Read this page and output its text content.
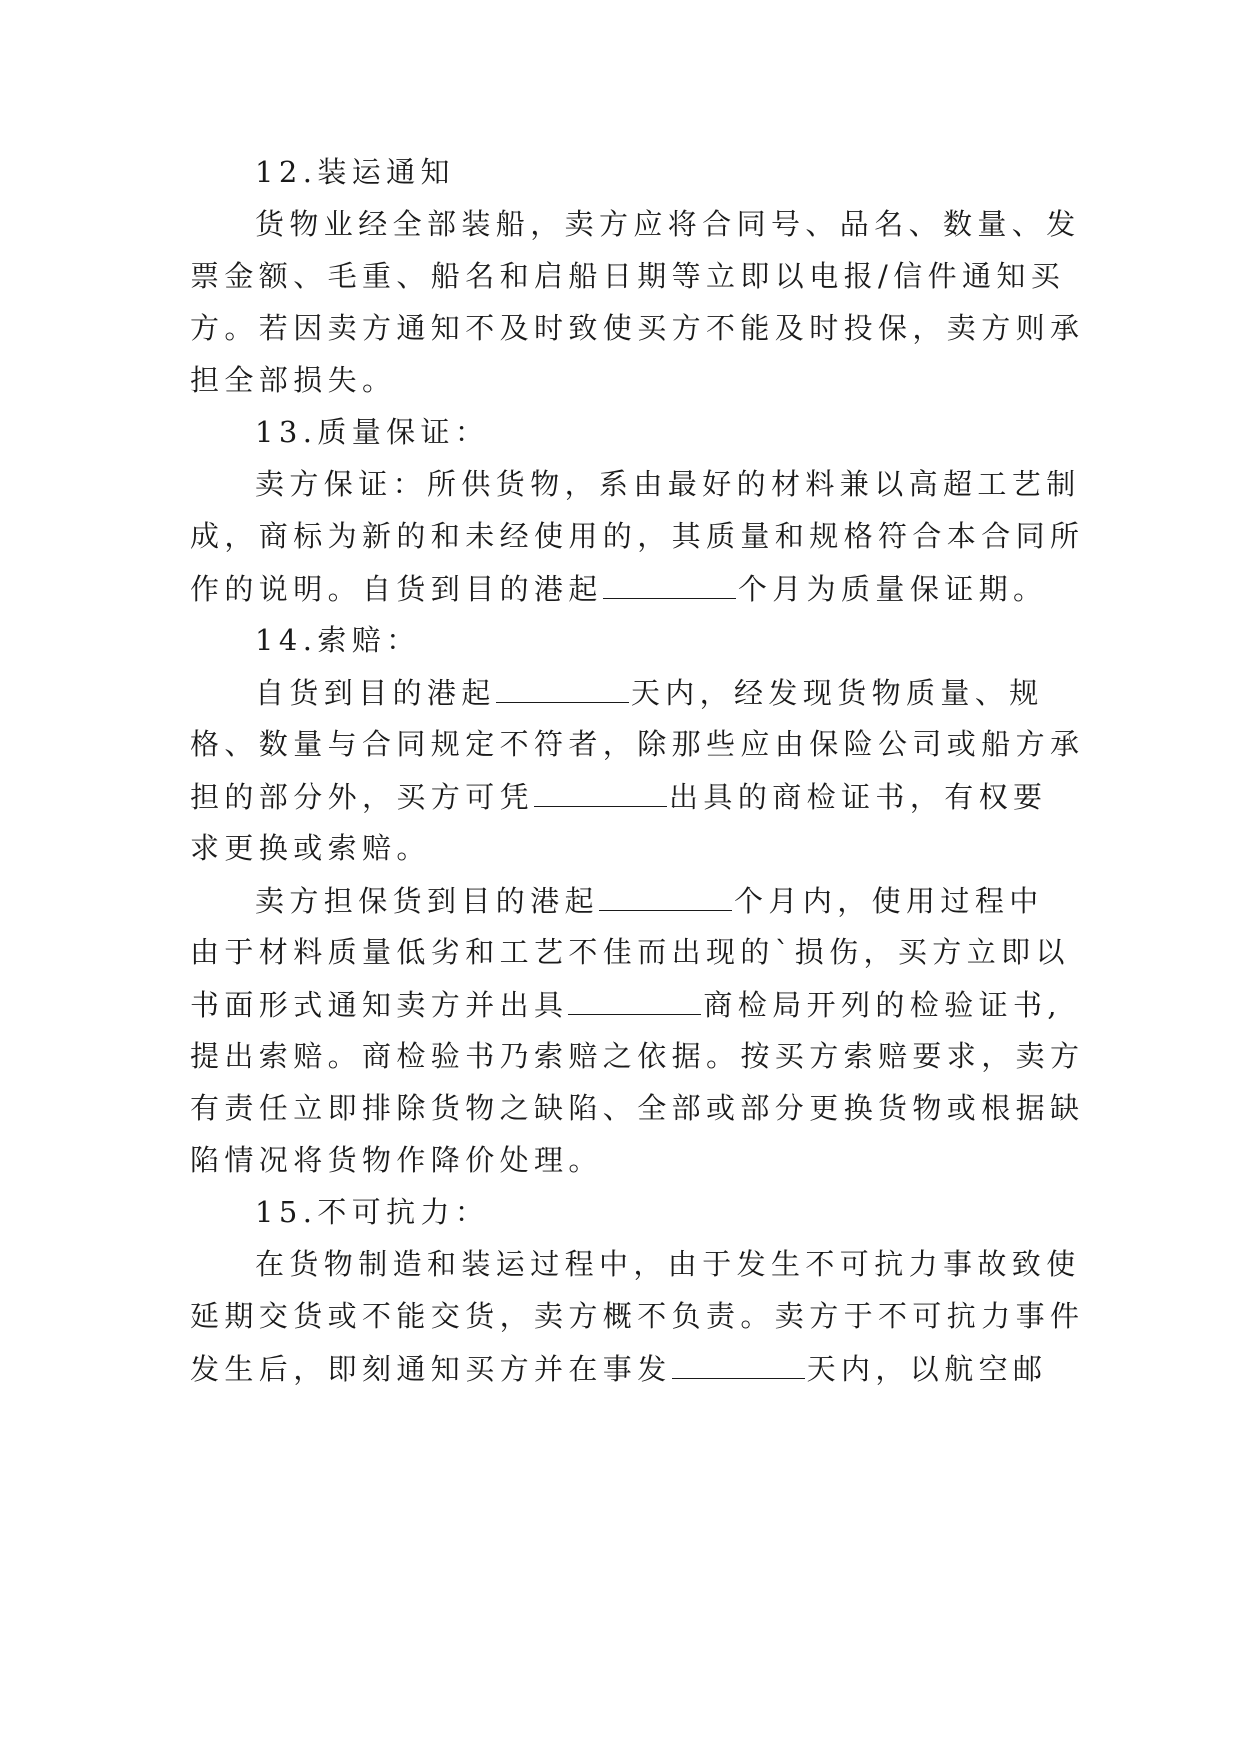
12.装运通知
货物业经全部装船，卖方应将合同号、品名、数量、发
票金额、毛重、船名和启船日期等立即以电报/信件通知买
方。若因卖方通知不及时致使买方不能及时投保，卖方则承
担全部损失。
13.质量保证：
卖方保证：所供货物，系由最好的材料兼以高超工艺制
成，商标为新的和未经使用的，其质量和规格符合本合同所
作的说明。自货到目的港起	个月为质量保证期。
14.索赔：
自货到目的港起	天内，经发现货物质量、规
格、数量与合同规定不符者，除那些应由保险公司或船方承
担的部分外，买方可凭	出具的商检证书，有权要
求更换或索赔。
卖方担保货到目的港起	个月内，使用过程中
由于材料质量低劣和工艺不佳而出现的`损伤，买方立即以
书面形式通知卖方并出具	商检局开列的检验证书,
提出索赔。商检验书乃索赔之依据。按买方索赔要求，卖方
有责任立即排除货物之缺陷、全部或部分更换货物或根据缺
陷情况将货物作降价处理。
15.不可抗力：
在货物制造和装运过程中，由于发生不可抗力事故致使
延期交货或不能交货，卖方概不负责。卖方于不可抗力事件
发生后，即刻通知买方并在事发	天内，以航空邮
